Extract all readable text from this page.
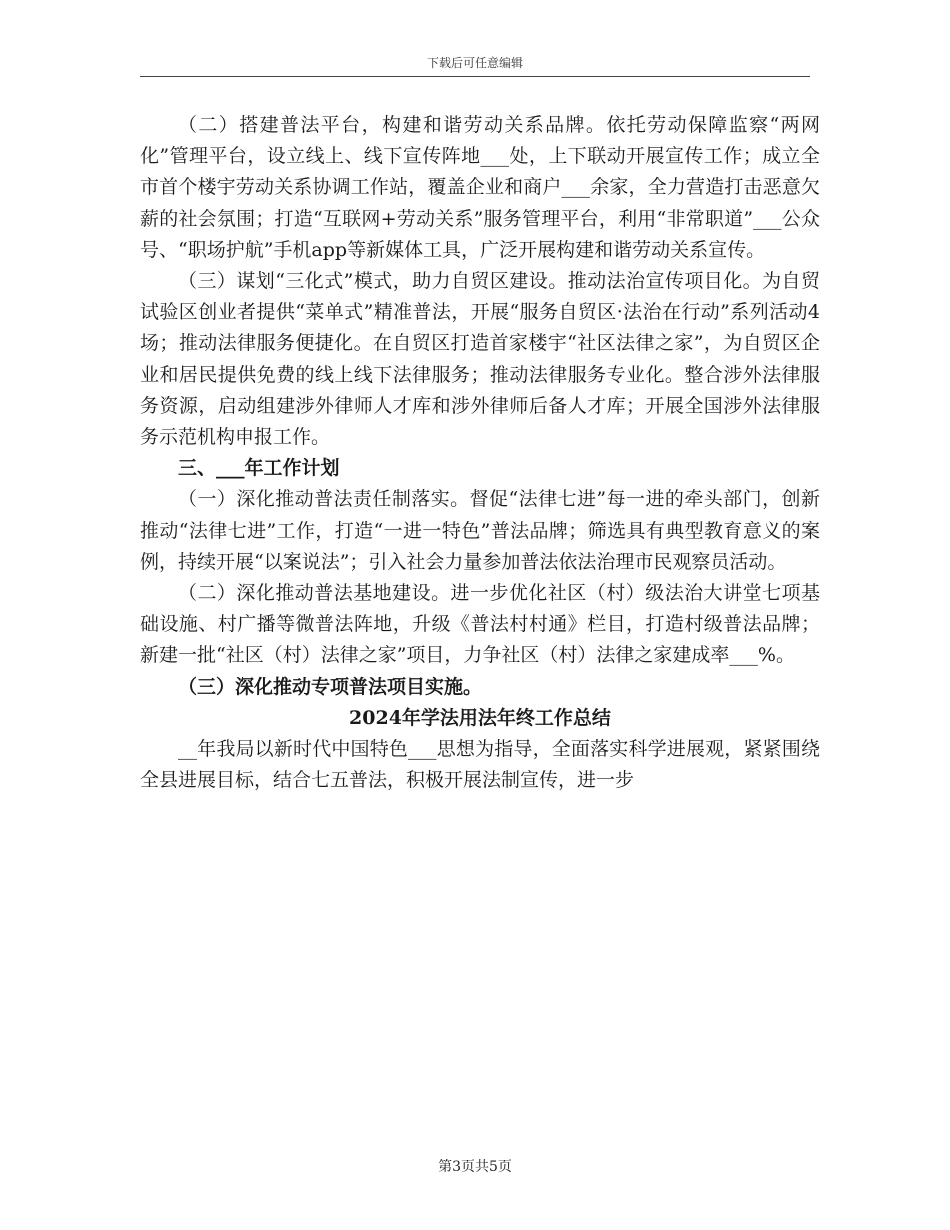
下载后可任意编辑

（二）搭建普法平台，构建和谐劳动关系品牌。依托劳动保障监察“两网化”管理平台，设立线上、线下宣传阵地___处，上下联动开展宣传工作；成立全市首个楼宇劳动关系协调工作站，覆盖企业和商户___余家，全力营造打击恶意欠薪的社会氛围；打造“互联网+劳动关系”服务管理平台，利用“非常职道”___公众号、“职场护航”手机app等新媒体工具，广泛开展构建和谐劳动关系宣传。

（三）谋划“三化式”模式，助力自贸区建设。推动法治宣传项目化。为自贸试验区创业者提供“菜单式”精准普法，开展“服务自贸区·法治在行动”系列活动4场；推动法律服务便捷化。在自贸区打造首家楼宇“社区法律之家”，为自贸区企业和居民提供免费的线上线下法律服务；推动法律服务专业化。整合涉外法律服务资源，启动组建涉外律师人才库和涉外律师后备人才库；开展全国涉外法律服务示范机构申报工作。

三、___年工作计划

（一）深化推动普法责任制落实。督促“法律七进”每一进的牵头部门，创新推动“法律七进”工作，打造“一进一特色”普法品牌；筛选具有典型教育意义的案例，持续开展“以案说法”；引入社会力量参加普法依法治理市民观察员活动。

（二）深化推动普法基地建设。进一步优化社区（村）级法治大讲堂七项基础设施、村广播等微普法阵地，升级《普法村村通》栏目，打造村级普法品牌；新建一批“社区（村）法律之家”项目，力争社区（村）法律之家建成率___%。

（三）深化推动专项普法项目实施。

2024年学法用法年终工作总结

__年我局以新时代中国特色___思想为指导，全面落实科学进展观，紧紧围绕全县进展目标，结合七五普法，积极开展法制宣传，进一步

第3页共5页
